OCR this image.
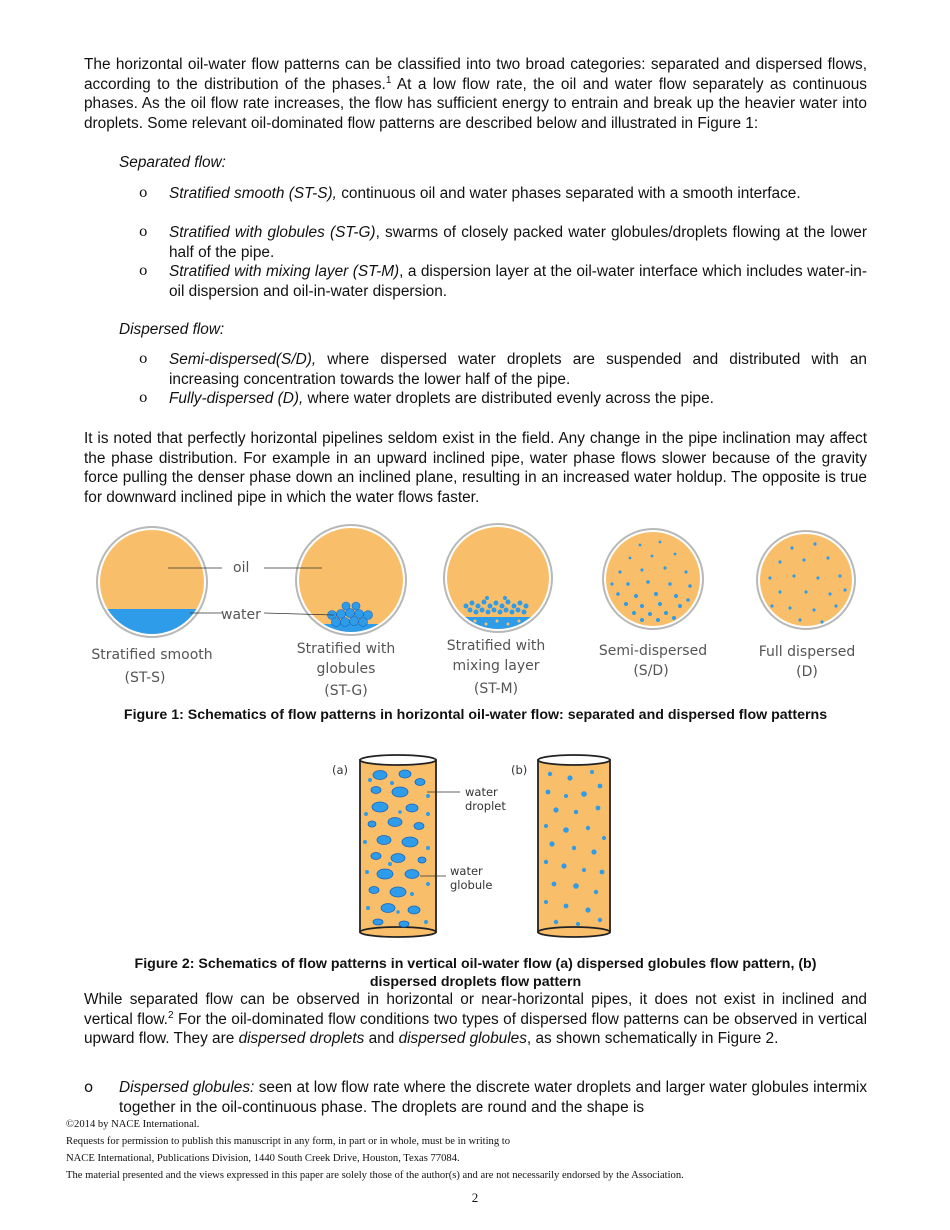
The horizontal oil-water flow patterns can be classified into two broad categories: separated and dispersed flows, according to the distribution of the phases.$^1$ At a low flow rate, the oil and water flow separately as continuous phases. As the oil flow rate increases, the flow has sufficient energy to entrain and break up the heavier water into droplets. Some relevant oil-dominated flow patterns are described below and illustrated in Figure 1:

Separated flow:

o Stratified smooth (ST-S), continuous oil and water phases separated with a smooth interface.
o Stratified with globules (ST-G), swarms of closely packed water globules/droplets flowing at the lower half of the pipe.
o Stratified with mixing layer (ST-M), a dispersion layer at the oil-water interface which includes water-in-oil dispersion and oil-in-water dispersion.

Dispersed flow:

o Semi-dispersed(S/D), where dispersed water droplets are suspended and distributed with an increasing concentration towards the lower half of the pipe.
o Fully-dispersed (D), where water droplets are distributed evenly across the pipe.

It is noted that perfectly horizontal pipelines seldom exist in the field. Any change in the pipe inclination may affect the phase distribution. For example in an upward inclined pipe, water phase flows slower because of the gravity force pulling the denser phase down an inclined plane, resulting in an increased water holdup. The opposite is true for downward inclined pipe in which the water flows faster.

oil
water
Stratified smooth
(ST-S)
Stratified with
globules
(ST-G)
Stratified with
mixing layer
(ST-M)
Semi-dispersed
(S/D)
Full dispersed
(D)

Figure 1: Schematics of flow patterns in horizontal oil-water flow: separated and dispersed flow patterns

(a)	(b)
water
droplet
water
globule

Figure 2: Schematics of flow patterns in vertical oil-water flow (a) dispersed globules flow pattern, (b)
dispersed droplets flow pattern

While separated flow can be observed in horizontal or near-horizontal pipes, it does not exist in inclined and vertical flow.$^2$ For the oil-dominated flow conditions two types of dispersed flow patterns can be observed in vertical upward flow. They are dispersed droplets and dispersed globules, as shown schematically in Figure 2.

o Dispersed globules: seen at low flow rate where the discrete water droplets and larger water globules intermix together in the oil-continuous phase. The droplets are round and the shape is

©2014 by NACE International.

Requests for permission to publish this manuscript in any form, in part or in whole, must be in writing to

NACE International, Publications Division, 1440 South Creek Drive, Houston, Texas 77084.

The material presented and the views expressed in this paper are solely those of the author(s) and are not necessarily endorsed by the Association.

2
